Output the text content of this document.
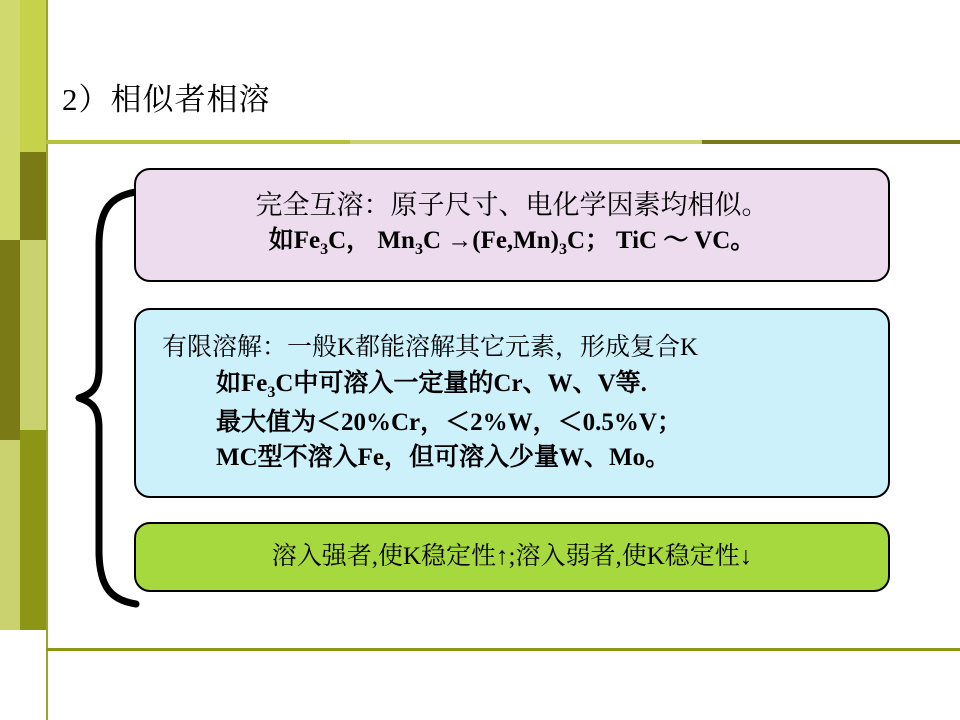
2）相似者相溶
完全互溶：原子尺寸、电化学因素均相似。
如$Fe_3C$， $Mn_3C \to(Fe,Mn)_3C$； TiC ～ VC。
有限溶解：一般K都能溶解其它元素，形成复合K
如$Fe_3C$中可溶入一定量的Cr、W、V等.
最大值为＜20%Cr，＜2%W，＜0.5%V；
MC型不溶入Fe，但可溶入少量W、Mo。
溶入强者,使K稳定性↑;溶入弱者,使K稳定性↓
